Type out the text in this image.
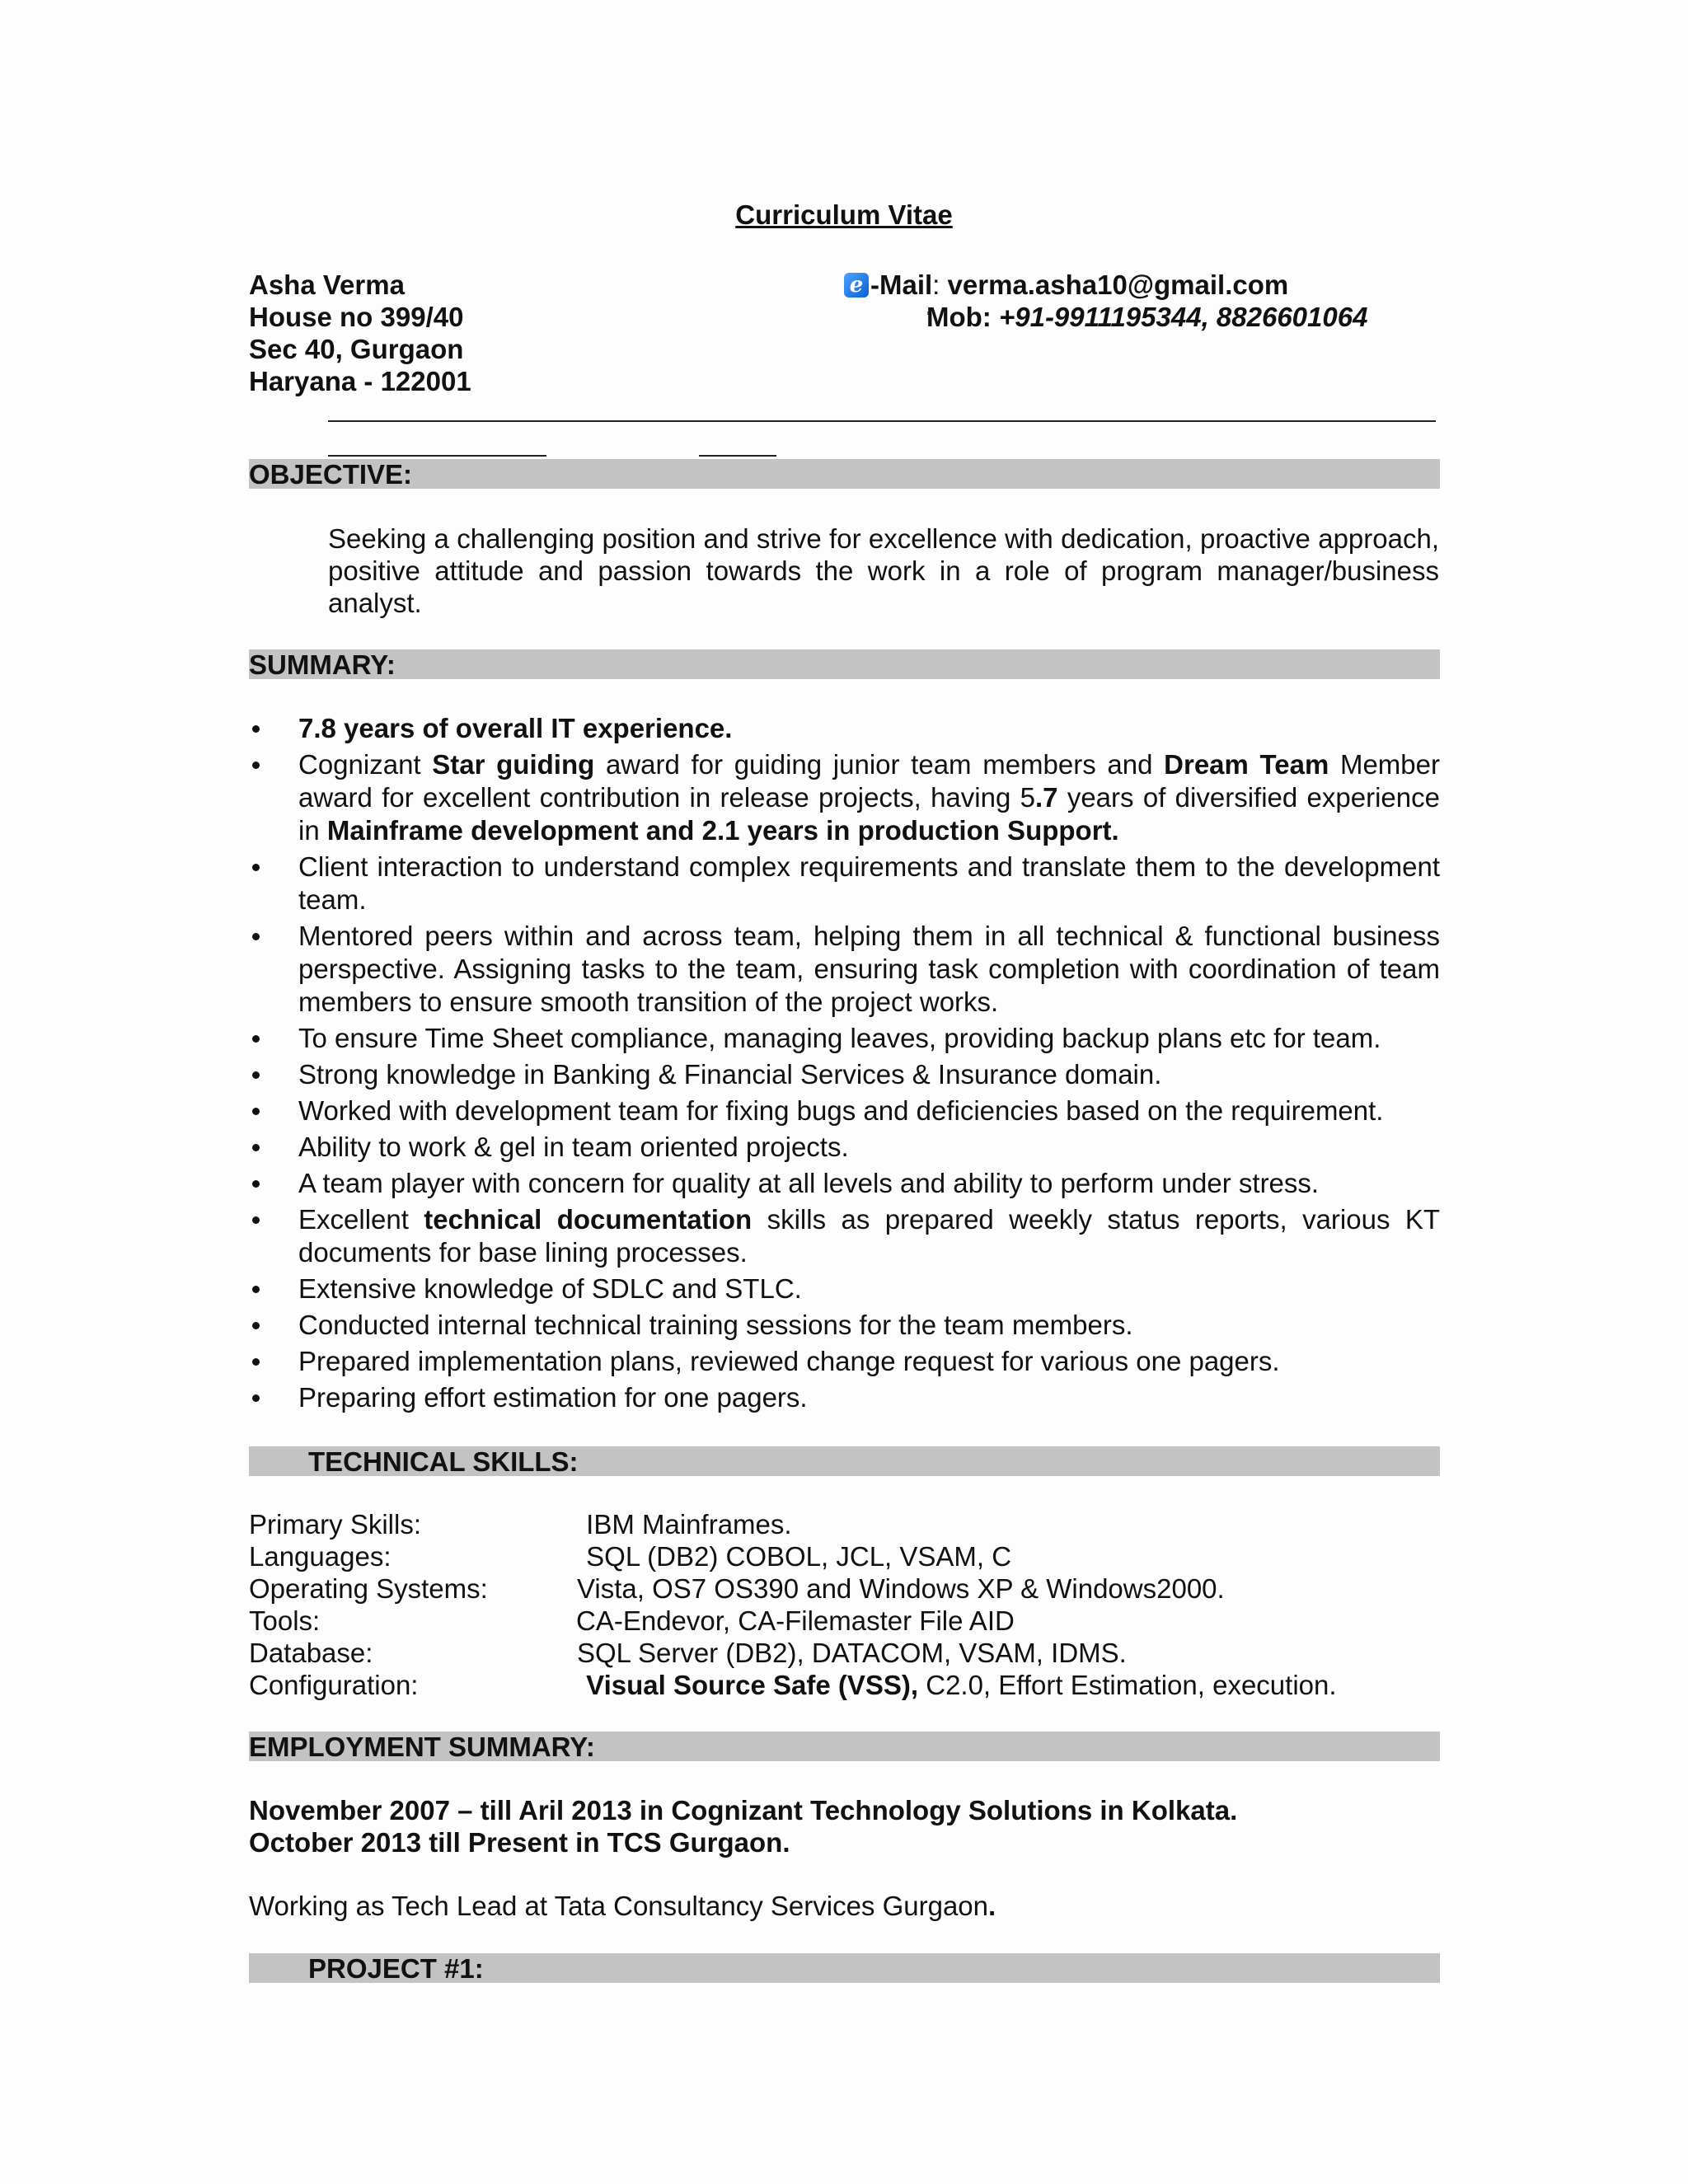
Curriculum Vitae
Asha Verma
House no 399/40
Sec 40, Gurgaon
Haryana - 122001
e -Mail : verma.asha10@gmail.com
Mob: +91-9911195344, 8826601064
OBJECTIVE:
Seeking a challenging position and strive for excellence with dedication, proactive approach, positive attitude and passion towards the work in a role of program manager/business analyst.
SUMMARY:
7.8 years of overall IT experience.
Cognizant Star guiding award for guiding junior team members and Dream Team Member award for excellent contribution in release projects, having 5.7 years of diversified experience in Mainframe development and 2.1 years in production Support.
Client interaction to understand complex requirements and translate them to the development team.
Mentored peers within and across team, helping them in all technical & functional business perspective. Assigning tasks to the team, ensuring task completion with coordination of team members to ensure smooth transition of the project works.
To ensure Time Sheet compliance, managing leaves, providing backup plans etc for team.
Strong knowledge in Banking & Financial Services & Insurance domain.
Worked with development team for fixing bugs and deficiencies based on the requirement.
Ability to work & gel in team oriented projects.
A team player with concern for quality at all levels and ability to perform under stress.
Excellent technical documentation skills as prepared weekly status reports, various KT documents for base lining processes.
Extensive knowledge of SDLC and STLC.
Conducted internal technical training sessions for the team members.
Prepared implementation plans, reviewed change request for various one pagers.
Preparing effort estimation for one pagers.
TECHNICAL SKILLS:
Primary Skills:	IBM Mainframes.
Languages:	SQL (DB2) COBOL, JCL, VSAM, C
Operating Systems:	Vista, OS7 OS390 and Windows XP & Windows2000.
Tools:	CA-Endevor, CA-Filemaster File AID
Database:	SQL Server (DB2), DATACOM, VSAM, IDMS.
Configuration:	Visual Source Safe (VSS), C2.0, Effort Estimation, execution.
EMPLOYMENT SUMMARY:
November 2007 – till Aril 2013 in Cognizant Technology Solutions in Kolkata.
October 2013 till Present in TCS Gurgaon.
Working as Tech Lead at Tata Consultancy Services Gurgaon.
PROJECT #1:
